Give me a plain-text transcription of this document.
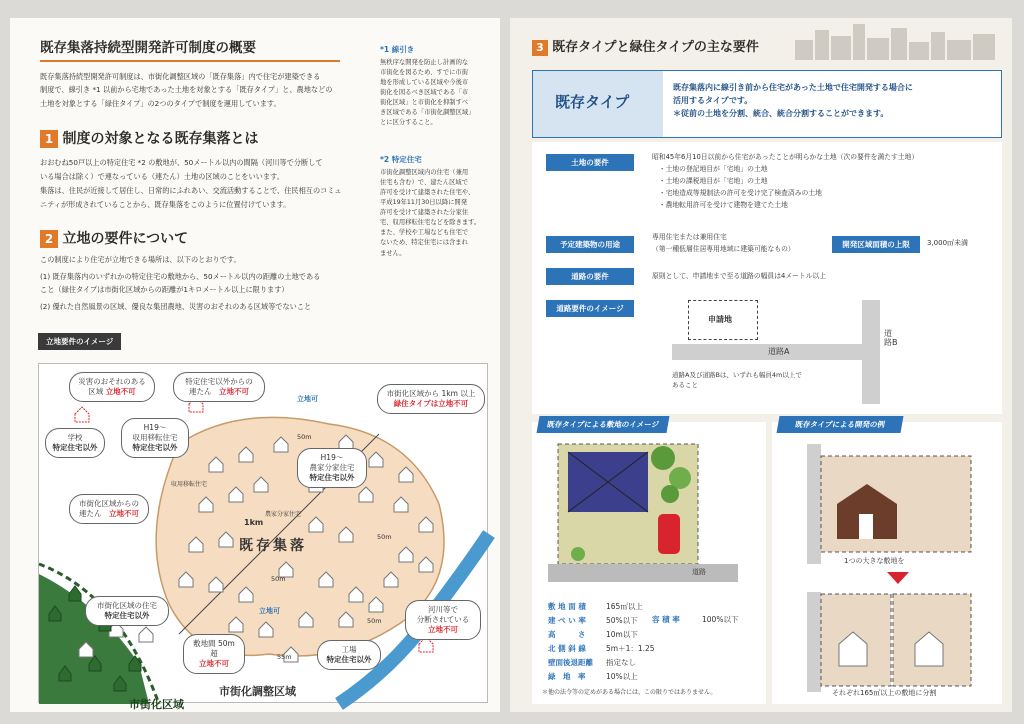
既存集落持続型開発許可制度の概要
既存集落持続型開発許可制度は、市街化調整区域の「既存集落」内で住宅が建築できる
制度で、線引き *1 以前から宅地であった土地を対象とする「既存タイプ」と、農地などの
土地を対象とする「緑住タイプ」の2つのタイプで制度を運用しています。
*1 線引き
無秩序な開発を防止し計画的な
市街化を図るため、すでに市街
地を形成している区域や今後市
街化を図るべき区域である「市
街化区域」と市街化を抑制すべ
き区域である「市街化調整区域」
とに区分すること。
*2 特定住宅
市街化調整区域内の住宅（兼用
住宅も含む）で、建たん区域で
許可を受けて建築された住宅や、
平成19年11月30日以降に開発
許可を受けて建築された分家住
宅、収用移転住宅などを除きます。
また、学校や工場なども住宅で
ないため、特定住宅には含まれ
ません。
1 制度の対象となる既存集落とは
おおむね50戸以上の特定住宅 *2 の敷地が、50メートル以内の間隔（河川等で分断して
いる場合は除く）で連なっている（連たん）土地の区域のことをいいます。
集落は、住民が近接して居住し、日常的にふれあい、交流活動することで、住民相互のコミュ
ニティが形成されていることから、既存集落をこのように位置付けています。
2 立地の要件について
この制度により住宅が立地できる場所は、以下のとおりです。
(1) 既存集落内のいずれかの特定住宅の敷地から、50メートル以内の距離の土地である
こと（緑住タイプは市街化区域からの距離が1キロメートル以上に限ります）
(2) 優れた自然風景の区域、優良な集団農地、災害のおそれのある区域等でないこと
立地要件のイメージ
既存集落
1km
市街化区域
市街化調整区域
立地可
立地可
50m
50m
50m
50m
55m
収用移転住宅
農家分家住宅
災害のおそれのある
区域 立地不可
特定住宅以外からの
連たん　立地不可
学校
特定住宅以外
H19～
収用移転住宅
特定住宅以外
H19～
農家分家住宅
特定住宅以外
市街化区域からの
連たん　立地不可
市街化区域から 1km 以上
緑住タイプは立地不可
市街化区域の住宅
特定住宅以外
敷地間 50m超
立地不可
工場
特定住宅以外
河川等で
分断されている
立地不可
3 既存タイプと緑住タイプの主な要件
既存タイプ
既存集落内に線引き前から住宅があった土地で住宅開発する場合に
活用するタイプです。
＊従前の土地を分割、統合、統合分割することができます。
土地の要件
昭和45年6月10日以前から住宅があったことが明らかな土地（次の要件を満たす土地）
　・土地の登記地目が「宅地」の土地
　・土地の課税地目が「宅地」の土地
　・宅地造成等規制法の許可を受け完了検査済みの土地
　・農地転用許可を受けて建物を建てた土地
予定建築物の用途
専用住宅または兼用住宅
（第一種低層住居専用地域に建築可能なもの）	開発区域面積の上限	3,000㎡未満
道路の要件	原則として、申請地まで至る道路の幅員は4メートル以上
道路要件のイメージ
申請地
道路A
道路B
道路A及び道路Bは、いずれも幅員4m以上で
あること
既存タイプによる敷地のイメージ
道路
敷 地 面 積	165㎡以上
建 ぺ い 率	50%以下
高　　　さ	10m以下
北 側 斜 線	5m＋1：1.25
壁面後退距離 指定なし
緑　地　率	10%以上
容 積 率	100%以下
＊他の法令等の定めがある場合には、この限りではありません。
既存タイプによる開発の例
1つの大きな敷地を
それぞれ165㎡以上の敷地に分割
